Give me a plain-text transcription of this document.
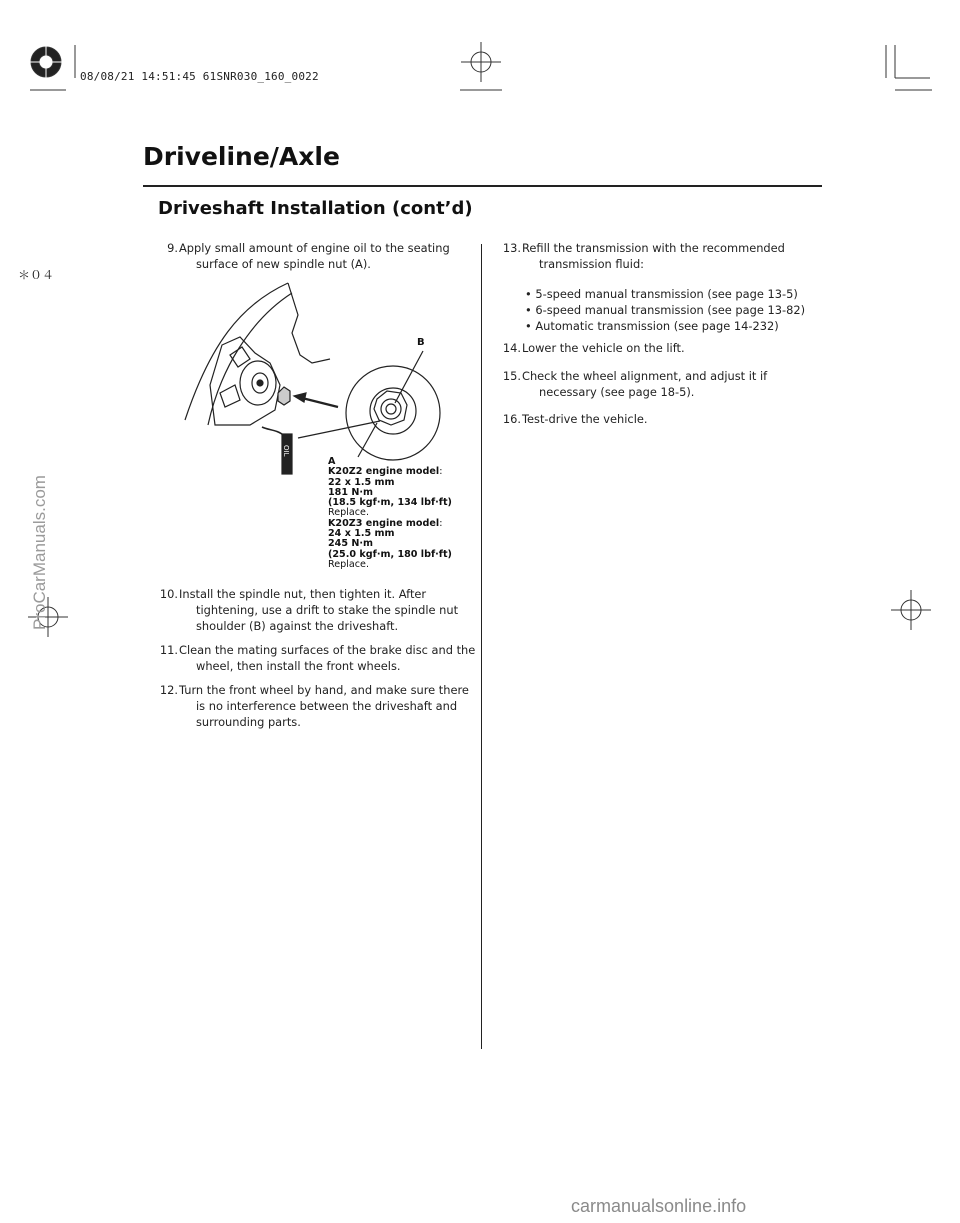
08/08/21 14:51:45 61SNR030_160_0022
Driveline/Axle
Driveshaft Installation (cont’d)
＊０４
9. Apply small amount of engine oil to the seating
surface of new spindle nut (A).
OIL
B
A
K20Z2 engine model:
22 x 1.5 mm
181 N·m
(18.5 kgf·m, 134 lbf·ft)
Replace.
K20Z3 engine model:
24 x 1.5 mm
245 N·m
(25.0 kgf·m, 180 lbf·ft)
Replace.
10. Install the spindle nut, then tighten it. After
tightening, use a drift to stake the spindle nut
shoulder (B) against the driveshaft.
11. Clean the mating surfaces of the brake disc and the
wheel, then install the front wheels.
12. Turn the front wheel by hand, and make sure there
is no interference between the driveshaft and
surrounding parts.
13. Refill the transmission with the recommended
transmission fluid:
• 5-speed manual transmission (see page 13-5)
• 6-speed manual transmission (see page 13-82)
• Automatic transmission (see page 14-232)
14. Lower the vehicle on the lift.
15. Check the wheel alignment, and adjust it if
necessary (see page 18-5).
16. Test-drive the vehicle.
ProCarManuals.com
carmanualsonline.info
